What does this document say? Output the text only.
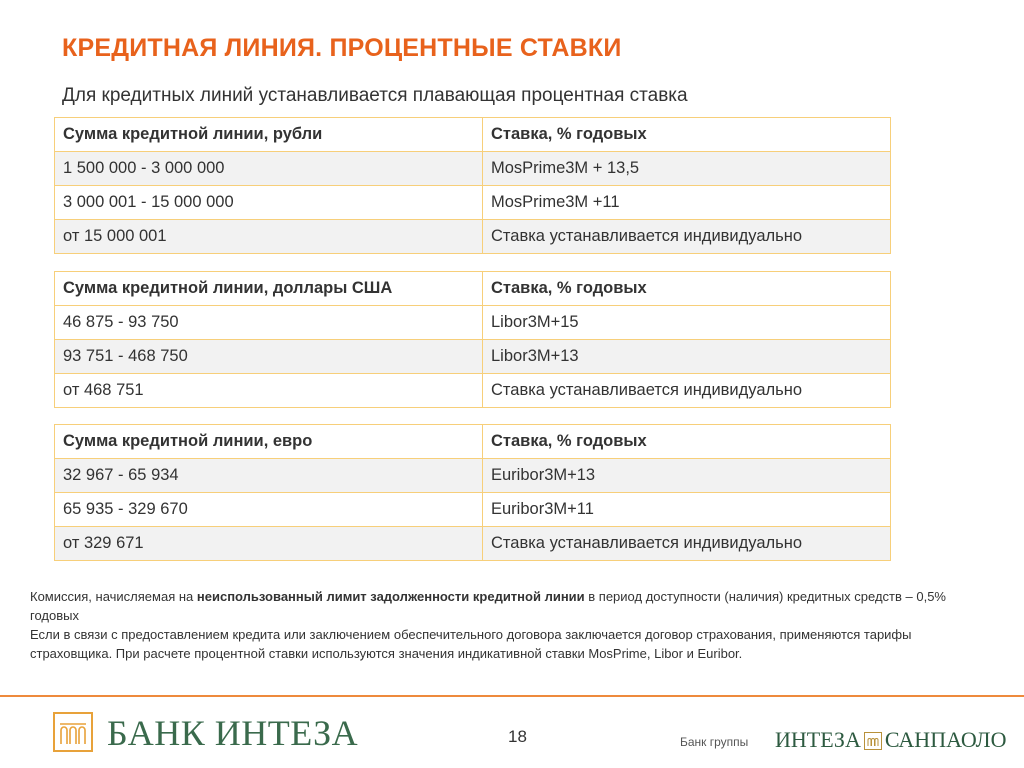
КРЕДИТНАЯ ЛИНИЯ. ПРОЦЕНТНЫЕ СТАВКИ
Для кредитных линий устанавливается плавающая процентная ставка
Сумма кредитной линии, рубли	Ставка, % годовых
1 500 000 - 3 000 000	MosPrime3M + 13,5
3 000 001 - 15 000 000	MosPrime3M +11
от 15 000 001	Ставка устанавливается индивидуально
Сумма кредитной линии, доллары США	Ставка, % годовых
46 875 - 93 750	Libor3M+15
93 751 - 468 750	Libor3M+13
от 468 751	Ставка устанавливается индивидуально
Сумма кредитной линии, евро	Ставка, % годовых
32 967 - 65 934	Euribor3M+13
65 935 - 329 670	Euribor3M+11
от 329 671	Ставка устанавливается индивидуально

Комиссия, начисляемая на неиспользованный лимит задолженности кредитной линии в период доступности (наличия) кредитных средств – 0,5% годовых

Если в связи с предоставлением кредита или заключением обеспечительного договора заключается договор страхования, применяются тарифы страховщика. При расчете процентной ставки используются значения индикативной ставки MosPrime, Libor и Euribor.

БАНК ИНТЕЗА	18	Банк группы ИНТЕЗА САНПАОЛО
